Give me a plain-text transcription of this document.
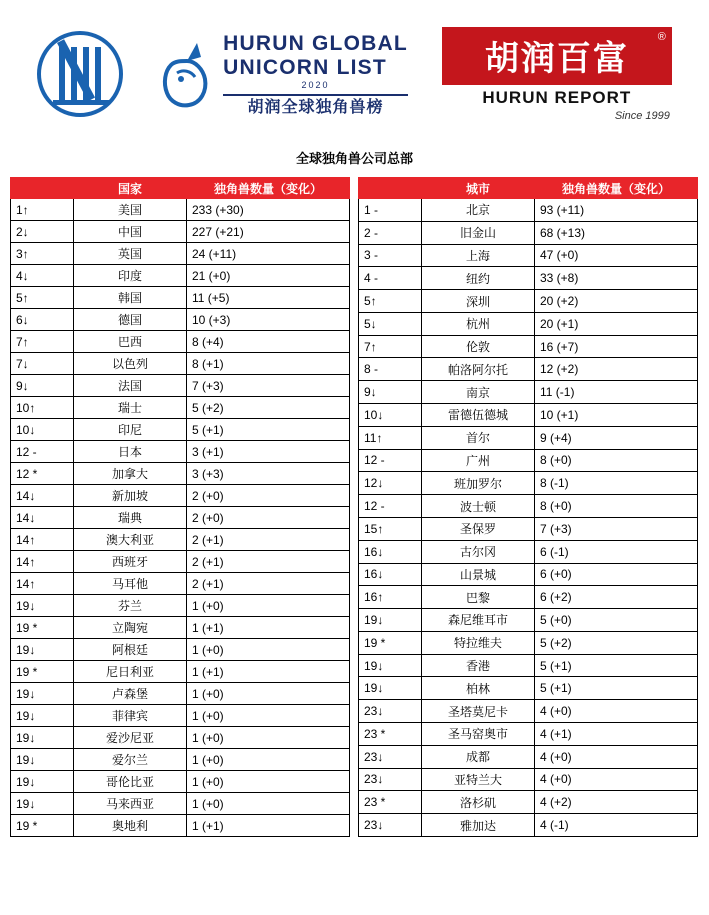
HURUN GLOBAL
UNICORN LIST
2020
胡润全球独角兽榜
胡润百富
®
HURUN REPORT
Since 1999
全球独角兽公司总部
	国家	独角兽数量（变化）
1↑	美国	233 (+30)
2↓	中国	227 (+21)
3↑	英国	24 (+11)
4↓	印度	21 (+0)
5↑	韩国	11 (+5)
6↓	德国	10 (+3)
7↑	巴西	8 (+4)
7↓	以色列	8 (+1)
9↓	法国	7 (+3)
10↑	瑞士	5 (+2)
10↓	印尼	5 (+1)
12 -	日本	3 (+1)
12 *	加拿大	3 (+3)
14↓	新加坡	2 (+0)
14↓	瑞典	2 (+0)
14↑	澳大利亚	2 (+1)
14↑	西班牙	2 (+1)
14↑	马耳他	2 (+1)
19↓	芬兰	1 (+0)
19 *	立陶宛	1 (+1)
19↓	阿根廷	1 (+0)
19 *	尼日利亚	1 (+1)
19↓	卢森堡	1 (+0)
19↓	菲律宾	1 (+0)
19↓	爱沙尼亚	1 (+0)
19↓	爱尔兰	1 (+0)
19↓	哥伦比亚	1 (+0)
19↓	马来西亚	1 (+0)
19 *	奥地利	1 (+1)
	城市	独角兽数量（变化）
1 -	北京	93 (+11)
2 -	旧金山	68 (+13)
3 -	上海	47 (+0)
4 -	纽约	33 (+8)
5↑	深圳	20 (+2)
5↓	杭州	20 (+1)
7↑	伦敦	16 (+7)
8 -	帕洛阿尔托	12 (+2)
9↓	南京	11 (-1)
10↓	雷德伍德城	10 (+1)
11↑	首尔	9 (+4)
12 -	广州	8 (+0)
12↓	班加罗尔	8 (-1)
12 -	波士顿	8 (+0)
15↑	圣保罗	7 (+3)
16↓	古尔冈	6 (-1)
16↓	山景城	6 (+0)
16↑	巴黎	6 (+2)
19↓	森尼维耳市	5 (+0)
19 *	特拉维夫	5 (+2)
19↓	香港	5 (+1)
19↓	柏林	5 (+1)
23↓	圣塔莫尼卡	4 (+0)
23 *	圣马窑奥市	4 (+1)
23↓	成都	4 (+0)
23↓	亚特兰大	4 (+0)
23 *	洛杉矶	4 (+2)
23↓	雅加达	4 (-1)
